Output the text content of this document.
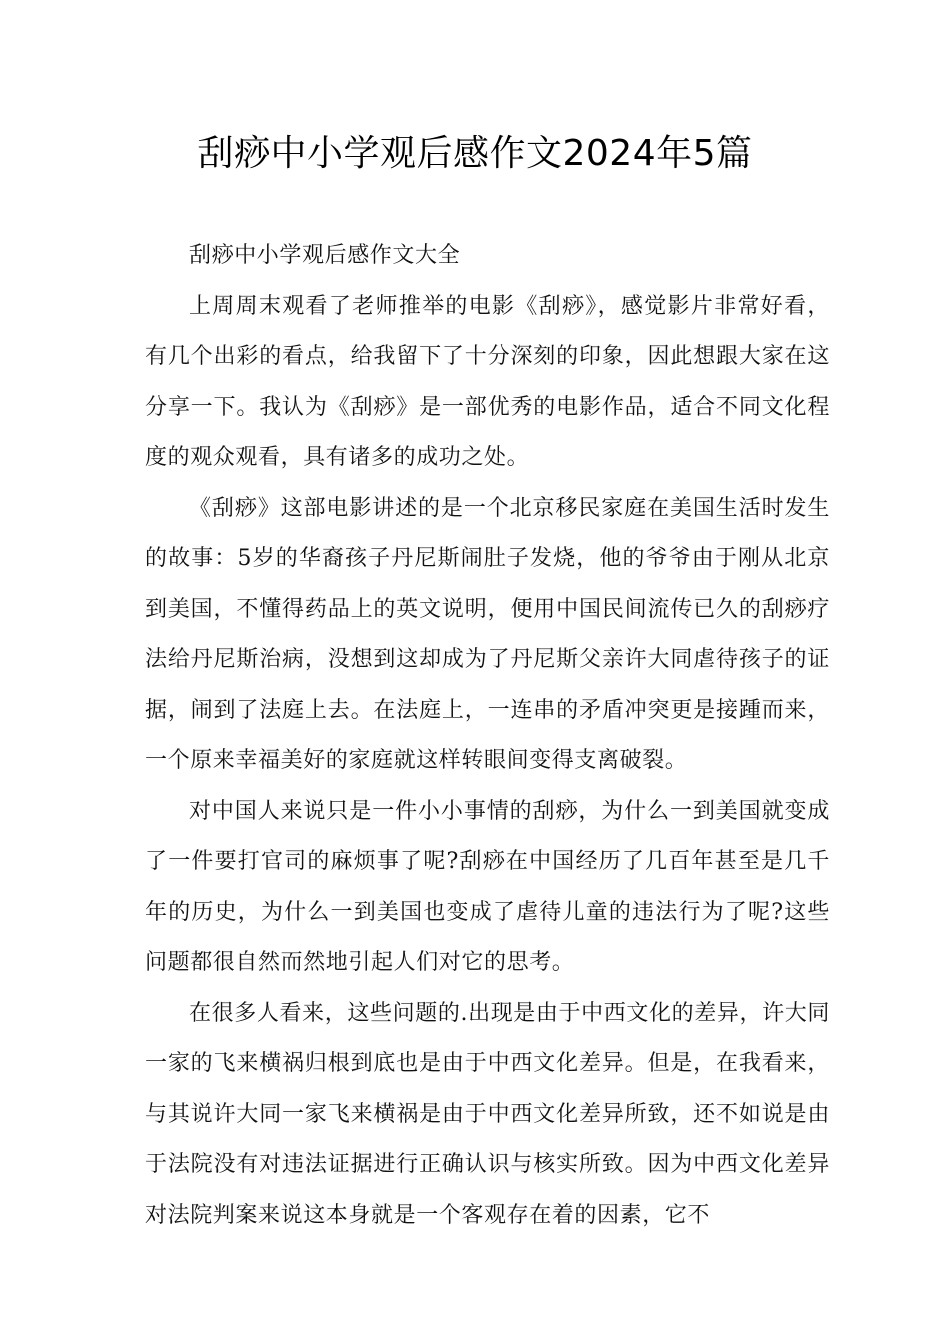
刮痧中小学观后感作文2024年5篇

刮痧中小学观后感作文大全

上周周末观看了老师推举的电影《刮痧》，感觉影片非常好看，有几个出彩的看点，给我留下了十分深刻的印象，因此想跟大家在这分享一下。我认为《刮痧》是一部优秀的电影作品，适合不同文化程度的观众观看，具有诸多的成功之处。

《刮痧》这部电影讲述的是一个北京移民家庭在美国生活时发生的故事：5岁的华裔孩子丹尼斯闹肚子发烧，他的爷爷由于刚从北京到美国，不懂得药品上的英文说明，便用中国民间流传已久的刮痧疗法给丹尼斯治病，没想到这却成为了丹尼斯父亲许大同虐待孩子的证据，闹到了法庭上去。在法庭上，一连串的矛盾冲突更是接踵而来，一个原来幸福美好的家庭就这样转眼间变得支离破裂。

对中国人来说只是一件小小事情的刮痧，为什么一到美国就变成了一件要打官司的麻烦事了呢?刮痧在中国经历了几百年甚至是几千年的历史，为什么一到美国也变成了虐待儿童的违法行为了呢?这些问题都很自然而然地引起人们对它的思考。

在很多人看来，这些问题的.出现是由于中西文化的差异，许大同一家的飞来横祸归根到底也是由于中西文化差异。但是，在我看来，与其说许大同一家飞来横祸是由于中西文化差异所致，还不如说是由于法院没有对违法证据进行正确认识与核实所致。因为中西文化差异对法院判案来说这本身就是一个客观存在着的因素，它不
